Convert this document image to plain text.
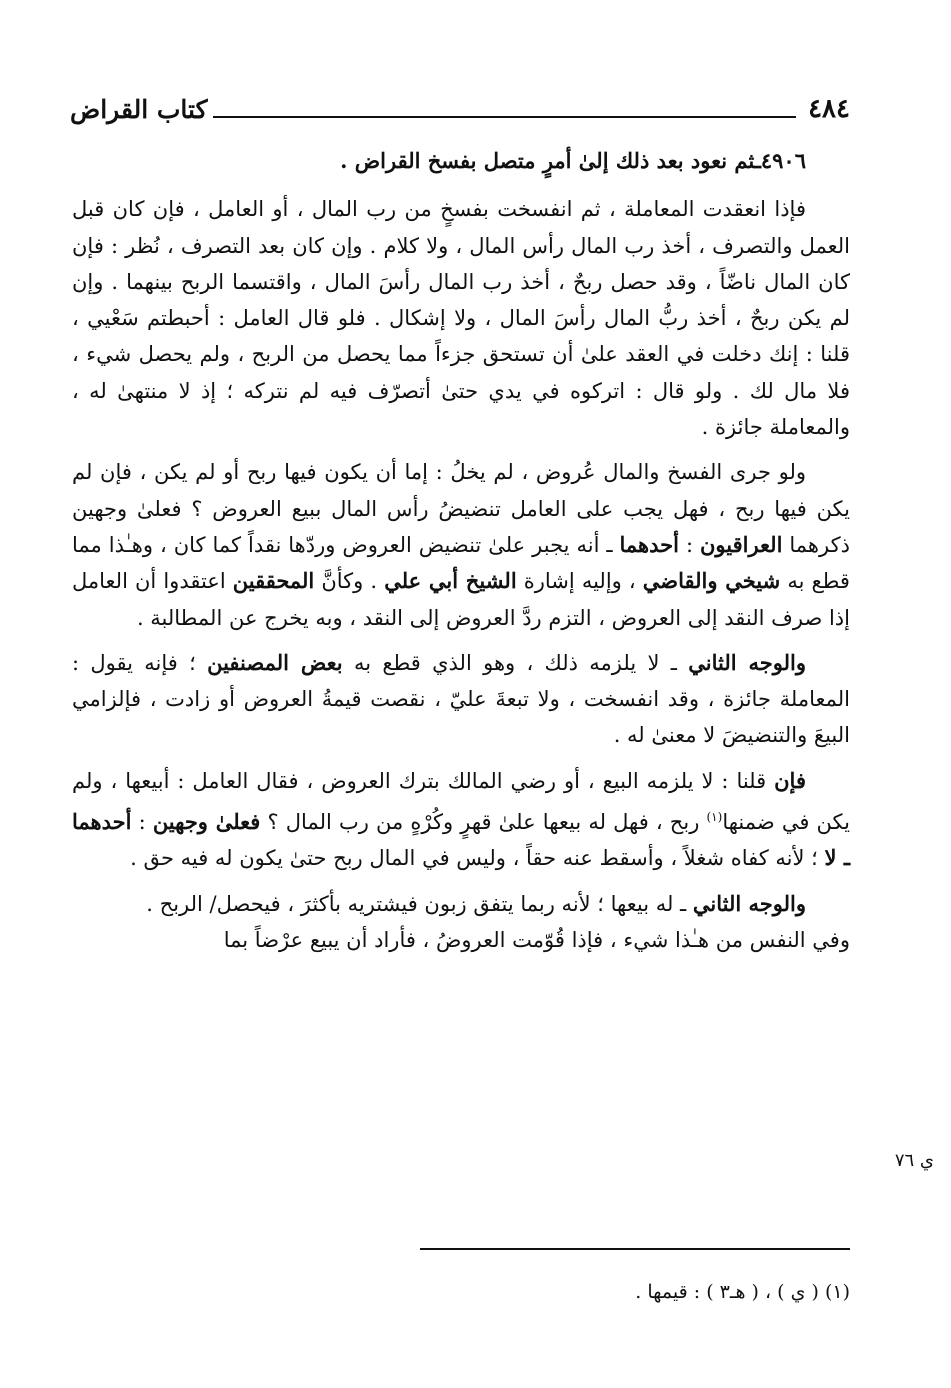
٤٨٤
كتاب القراض

٤٩٠٦ـثم نعود بعد ذلك إلىٰ أمرٍ متصل بفسخ القراض .

فإذا انعقدت المعاملة ، ثم انفسخت بفسخٍ من رب المال ، أو العامل ، فإن كان قبل العمل والتصرف ، أخذ رب المال رأس المال ، ولا كلام . وإن كان بعد التصرف ، نُظر : فإن كان المال ناضّاً ، وقد حصل ربحٌ ، أخذ رب المال رأسَ المال ، واقتسما الربح بينهما . وإن لم يكن ربحٌ ، أخذ ربُّ المال رأسَ المال ، ولا إشكال . فلو قال العامل : أحبطتم سَعْيي ، قلنا : إنك دخلت في العقد علىٰ أن تستحق جزءاً مما يحصل من الربح ، ولم يحصل شيء ، فلا مال لك . ولو قال : اتركوه في يدي حتىٰ أتصرّف فيه لم نتركه ؛ إذ لا منتهىٰ له ، والمعاملة جائزة .

ولو جرى الفسخ والمال عُروض ، لم يخلُ : إما أن يكون فيها ربح أو لم يكن ، فإن لم يكن فيها ربح ، فهل يجب على العامل تنضيضُ رأس المال ببيع العروض ؟ فعلىٰ وجهين ذكرهما العراقيون : أحدهما ـ أنه يجبر علىٰ تنضيض العروض وردّها نقداً كما كان ، وهـٰذا مما قطع به شيخي والقاضي ، وإليه إشارة الشيخ أبي علي . وكأنَّ المحققين اعتقدوا أن العامل إذا صرف النقد إلى العروض ، التزم ردَّ العروض إلى النقد ، وبه يخرج عن المطالبة .

والوجه الثاني ـ لا يلزمه ذلك ، وهو الذي قطع به بعض المصنفين ؛ فإنه يقول : المعاملة جائزة ، وقد انفسخت ، ولا تبعةَ عليّ ، نقصت قيمةُ العروض أو زادت ، فإلزامي البيعَ والتنضيضَ لا معنىٰ له .

فإن قلنا : لا يلزمه البيع ، أو رضي المالك بترك العروض ، فقال العامل : أبيعها ، ولم يكن في ضمنها$^{(١)}$ ربح ، فهل له بيعها علىٰ قهرٍ وكُرْهٍ من رب المال ؟ فعلىٰ وجهين : أحدهما ـ لا ؛ لأنه كفاه شغلاً ، وأسقط عنه حقاً ، وليس في المال ربح حتىٰ يكون له فيه حق .

والوجه الثاني ـ له بيعها ؛ لأنه ربما يتفق زبون فيشتريه بأكثرَ ، فيحصل/ الربح .
وفي النفس من هـٰذا شيء ، فإذا قُوّمت العروضُ ، فأراد أن يبيع عرْضاً بما

ي ٧٦
(١) ( ي ) ، ( هـ٣ ) : قيمها .
